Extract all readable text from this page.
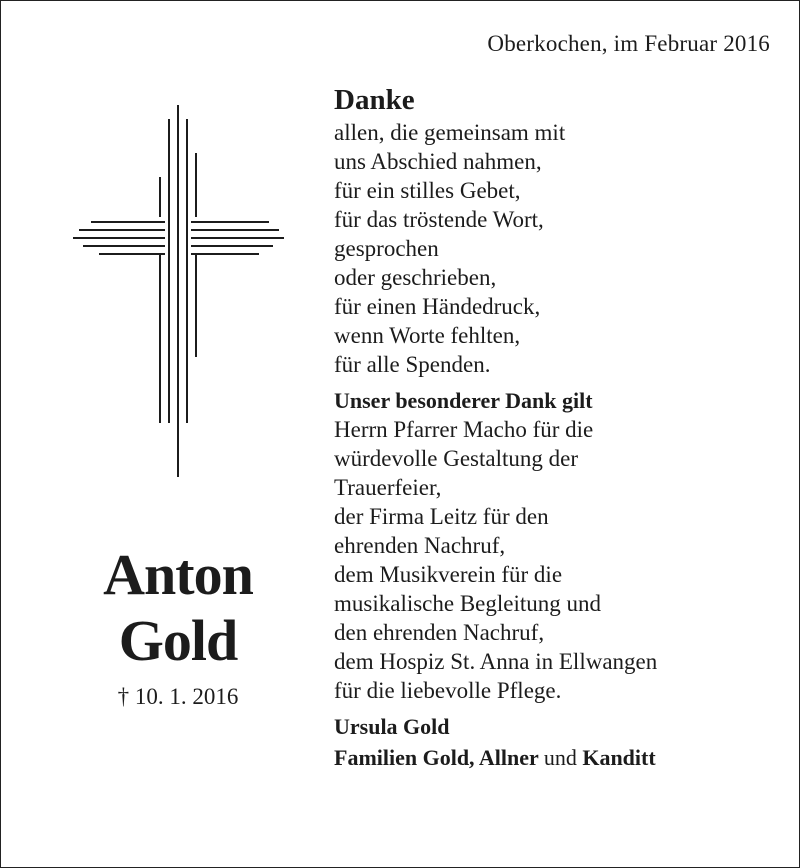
Oberkochen, im Februar 2016
Anton
Gold
† 10. 1. 2016
Danke
allen, die gemeinsam mit
uns Abschied nahmen,
für ein stilles Gebet,
für das tröstende Wort,
gesprochen
oder geschrieben,
für einen Händedruck,
wenn Worte fehlten,
für alle Spenden.
Unser besonderer Dank gilt
Herrn Pfarrer Macho für die
würdevolle Gestaltung der
Trauerfeier,
der Firma Leitz für den
ehrenden Nachruf,
dem Musikverein für die
musikalische Begleitung und
den ehrenden Nachruf,
dem Hospiz St. Anna in Ellwangen
für die liebevolle Pflege.
Ursula Gold
Familien Gold, Allner und Kanditt
